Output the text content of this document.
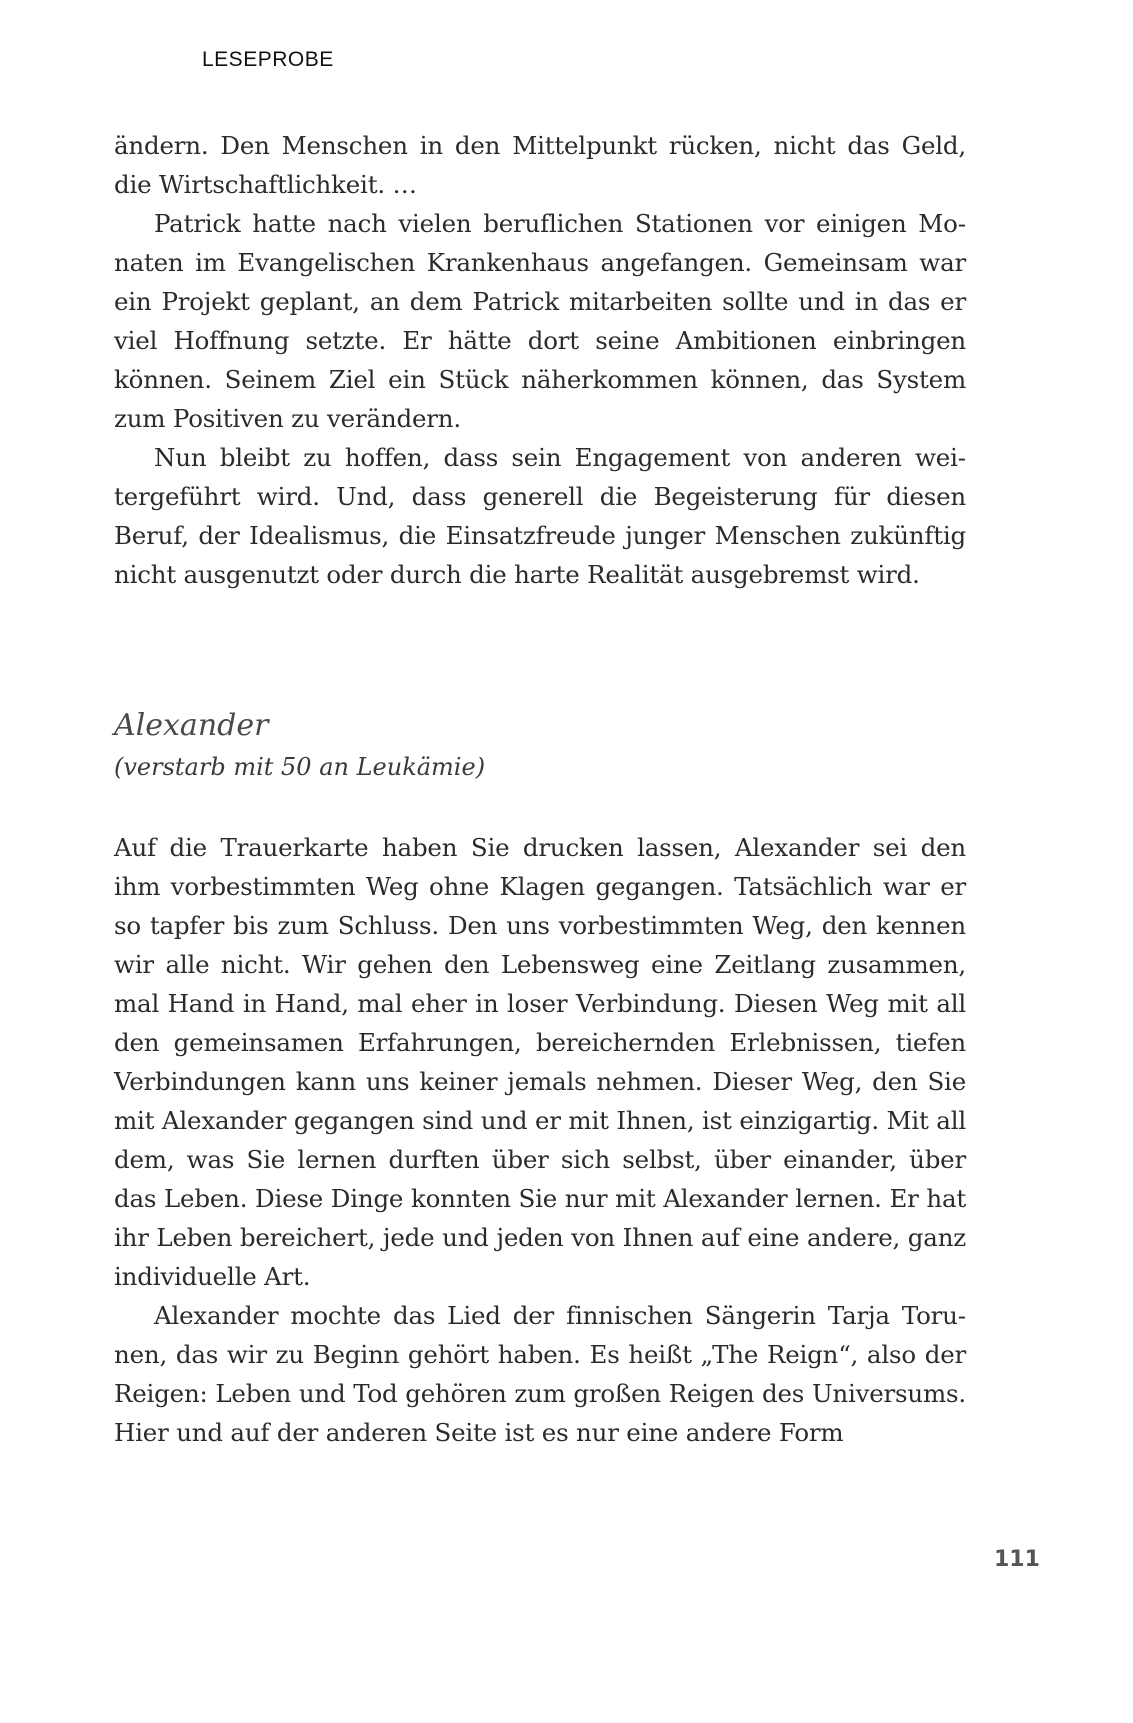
LESEPROBE

ändern. Den Menschen in den Mittelpunkt rücken, nicht das Geld, die Wirtschaftlichkeit. …

Patrick hatte nach vielen beruflichen Stationen vor einigen Monaten im Evangelischen Krankenhaus angefangen. Gemeinsam war ein Projekt geplant, an dem Patrick mitarbeiten sollte und in das er viel Hoffnung setzte. Er hätte dort seine Ambitionen einbringen können. Seinem Ziel ein Stück näherkommen können, das System zum Positiven zu verändern.

Nun bleibt zu hoffen, dass sein Engagement von anderen weitergeführt wird. Und, dass generell die Begeisterung für diesen Beruf, der Idealismus, die Einsatzfreude junger Menschen zukünftig nicht ausgenutzt oder durch die harte Realität ausgebremst wird.

Alexander
(verstarb mit 50 an Leukämie)

Auf die Trauerkarte haben Sie drucken lassen, Alexander sei den ihm vorbestimmten Weg ohne Klagen gegangen. Tatsächlich war er so tapfer bis zum Schluss. Den uns vorbestimmten Weg, den kennen wir alle nicht. Wir gehen den Lebensweg eine Zeitlang zusammen, mal Hand in Hand, mal eher in loser Verbindung. Diesen Weg mit all den gemeinsamen Erfahrungen, bereichernden Erlebnissen, tiefen Verbindungen kann uns keiner jemals nehmen. Dieser Weg, den Sie mit Alexander gegangen sind und er mit Ihnen, ist einzigartig. Mit all dem, was Sie lernen durften über sich selbst, über einander, über das Leben. Diese Dinge konnten Sie nur mit Alexander lernen. Er hat ihr Leben bereichert, jede und jeden von Ihnen auf eine andere, ganz individuelle Art.

Alexander mochte das Lied der finnischen Sängerin Tarja Torunen, das wir zu Beginn gehört haben. Es heißt „The Reign“, also der Reigen: Leben und Tod gehören zum großen Reigen des Universums. Hier und auf der anderen Seite ist es nur eine andere Form

111
